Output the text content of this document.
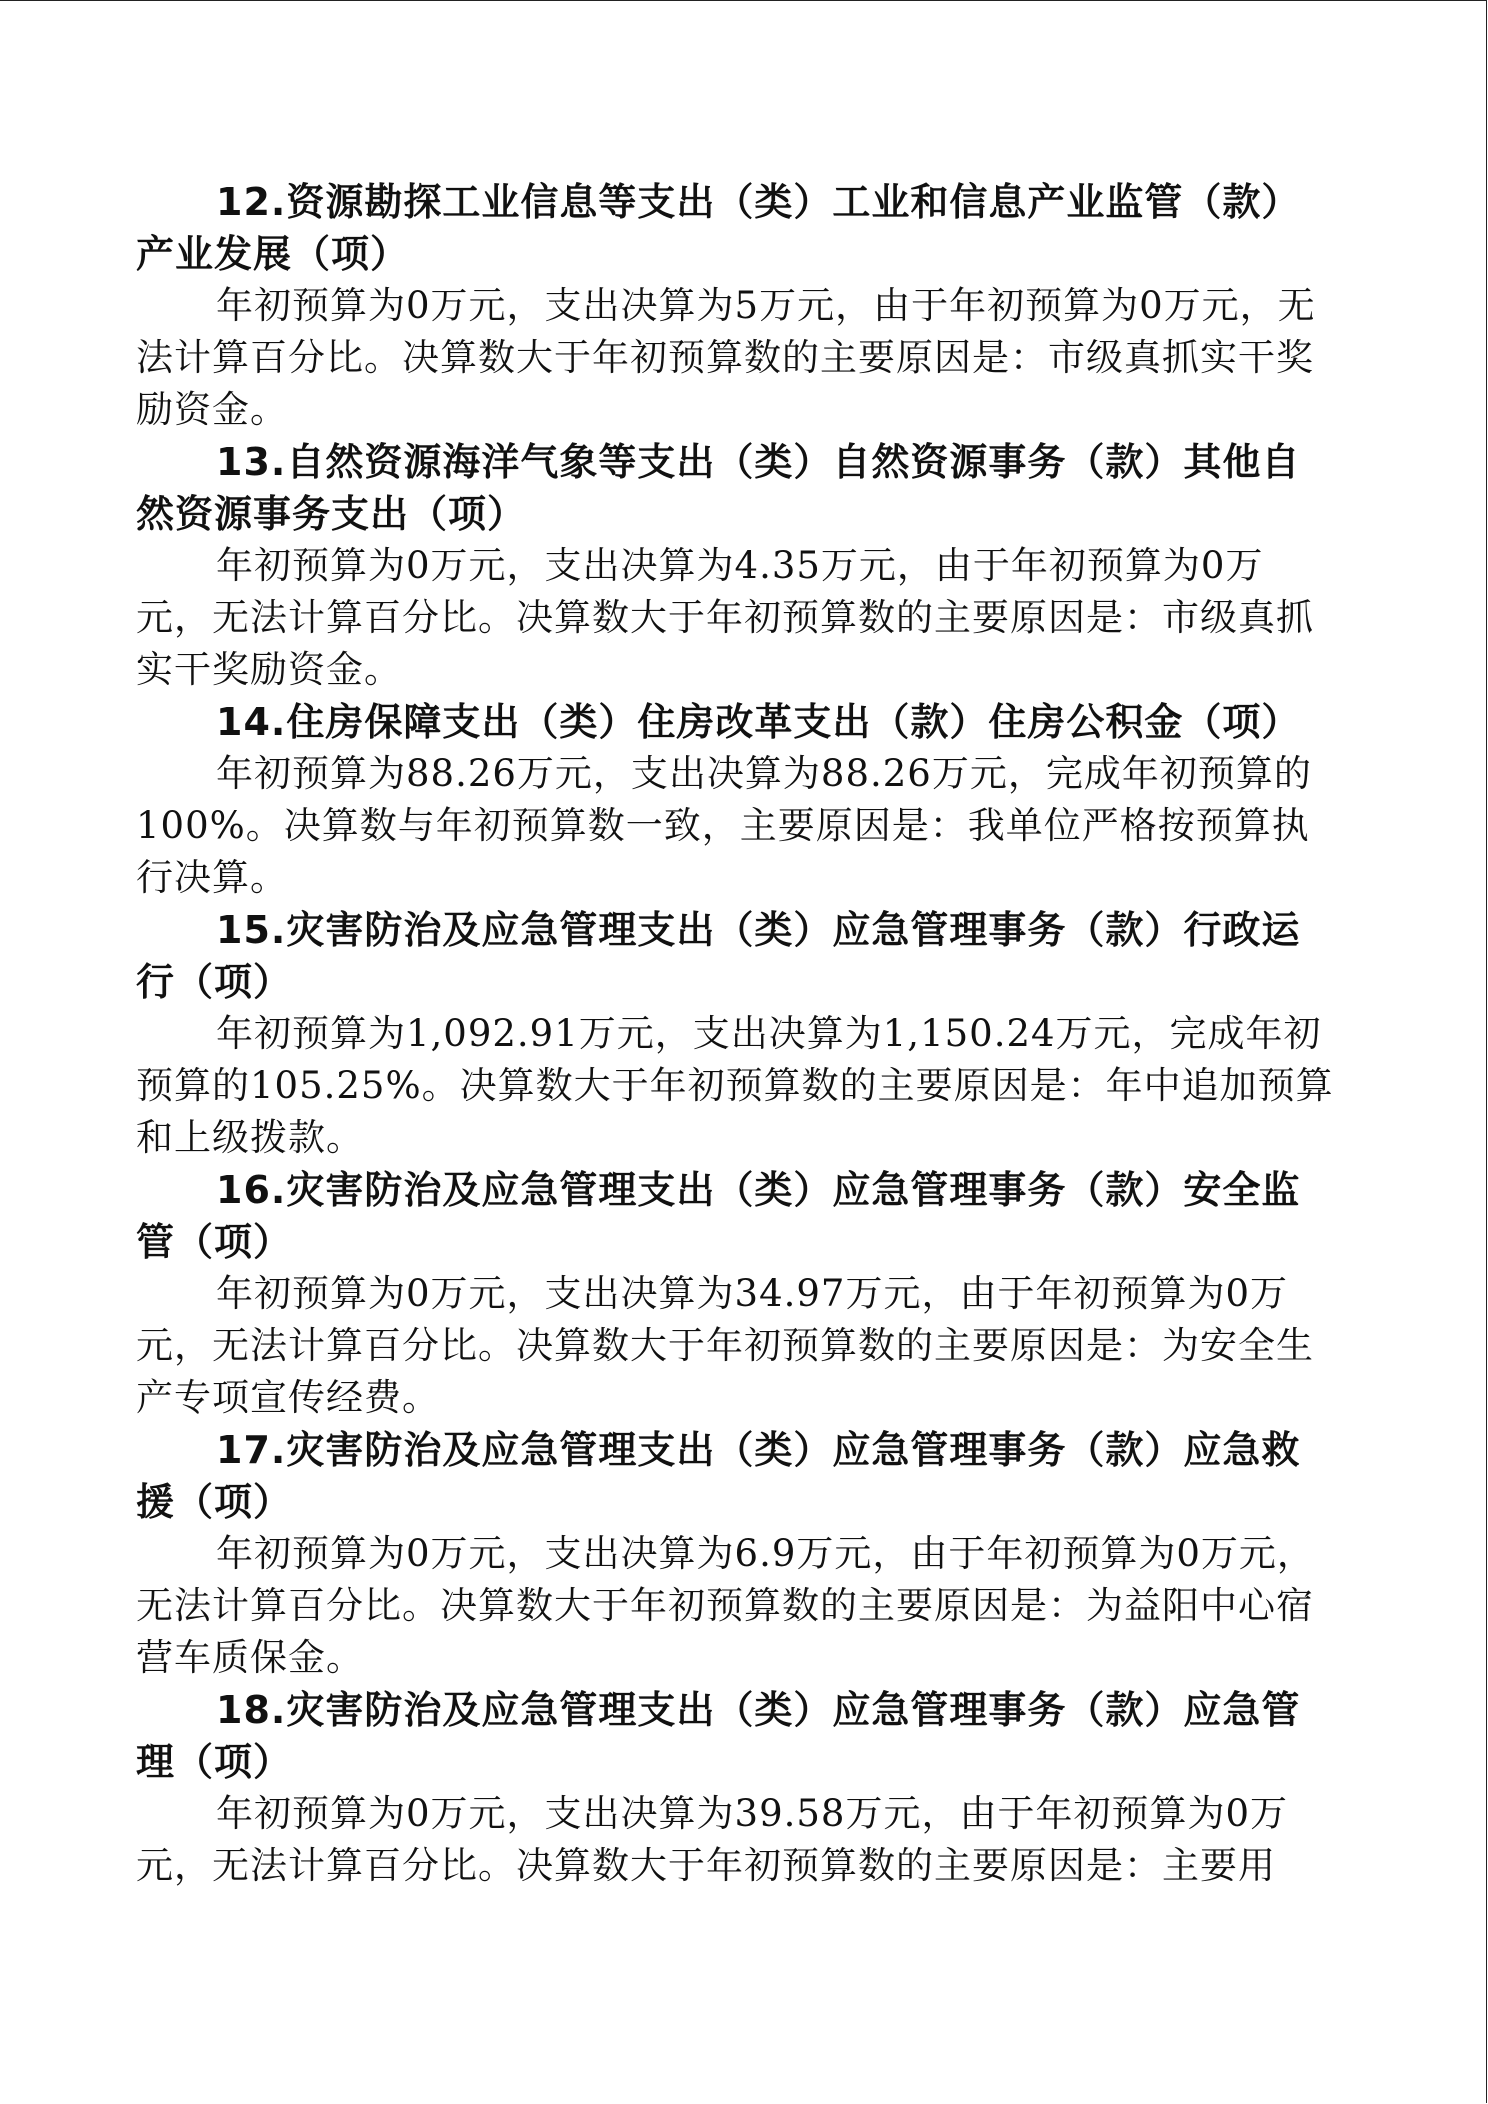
12.资源勘探工业信息等支出（类）工业和信息产业监管（款）产业发展（项）

年初预算为0万元，支出决算为5万元，由于年初预算为0万元，无法计算百分比。决算数大于年初预算数的主要原因是：市级真抓实干奖励资金。

13.自然资源海洋气象等支出（类）自然资源事务（款）其他自然资源事务支出（项）

年初预算为0万元，支出决算为4.35万元，由于年初预算为0万元，无法计算百分比。决算数大于年初预算数的主要原因是：市级真抓实干奖励资金。

14.住房保障支出（类）住房改革支出（款）住房公积金（项）

年初预算为88.26万元，支出决算为88.26万元，完成年初预算的100%。决算数与年初预算数一致，主要原因是：我单位严格按预算执行决算。

15.灾害防治及应急管理支出（类）应急管理事务（款）行政运行（项）

年初预算为1,092.91万元，支出决算为1,150.24万元，完成年初预算的105.25%。决算数大于年初预算数的主要原因是：年中追加预算和上级拨款。

16.灾害防治及应急管理支出（类）应急管理事务（款）安全监管（项）

年初预算为0万元，支出决算为34.97万元，由于年初预算为0万元，无法计算百分比。决算数大于年初预算数的主要原因是：为安全生产专项宣传经费。

17.灾害防治及应急管理支出（类）应急管理事务（款）应急救援（项）

年初预算为0万元，支出决算为6.9万元，由于年初预算为0万元，无法计算百分比。决算数大于年初预算数的主要原因是：为益阳中心宿营车质保金。

18.灾害防治及应急管理支出（类）应急管理事务（款）应急管理（项）

年初预算为0万元，支出决算为39.58万元，由于年初预算为0万元，无法计算百分比。决算数大于年初预算数的主要原因是：主要用
